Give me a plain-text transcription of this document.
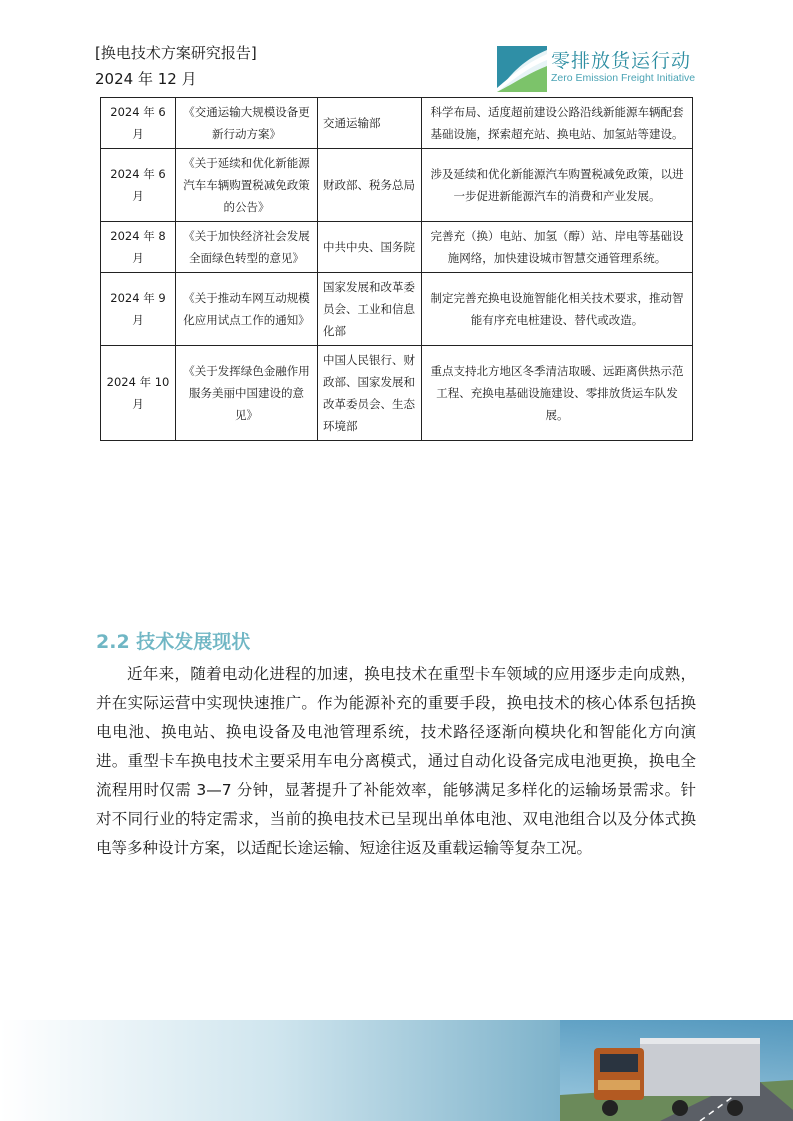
[换电技术方案研究报告]
2024 年 12 月
零排放货运行动
Zero Emission Freight Initiative
2024 年 6 月	《交通运输大规模设备更新行动方案》	交通运输部	科学布局、适度超前建设公路沿线新能源车辆配套基础设施，探索超充站、换电站、加氢站等建设。
2024 年 6 月	《关于延续和优化新能源汽车车辆购置税减免政策的公告》	财政部、税务总局	涉及延续和优化新能源汽车购置税减免政策，以进一步促进新能源汽车的消费和产业发展。
2024 年 8 月	《关于加快经济社会发展全面绿色转型的意见》	中共中央、国务院	完善充（换）电站、加氢（醇）站、岸电等基础设施网络，加快建设城市智慧交通管理系统。
2024 年 9 月	《关于推动车网互动规模化应用试点工作的通知》	国家发展和改革委员会、工业和信息化部	制定完善充换电设施智能化相关技术要求，推动智能有序充电桩建设、替代或改造。
2024 年 10 月	《关于发挥绿色金融作用服务美丽中国建设的意见》	中国人民银行、财政部、国家发展和改革委员会、生态环境部	重点支持北方地区冬季清洁取暖、远距离供热示范工程、充换电基础设施建设、零排放货运车队发展。
2.2 技术发展现状
近年来，随着电动化进程的加速，换电技术在重型卡车领域的应用逐步走向成熟，并在实际运营中实现快速推广。作为能源补充的重要手段，换电技术的核心体系包括换电电池、换电站、换电设备及电池管理系统，技术路径逐渐向模块化和智能化方向演进。重型卡车换电技术主要采用车电分离模式，通过自动化设备完成电池更换，换电全流程用时仅需 3—7 分钟，显著提升了补能效率，能够满足多样化的运输场景需求。针对不同行业的特定需求，当前的换电技术已呈现出单体电池、双电池组合以及分体式换电等多种设计方案，以适配长途运输、短途往返及重载运输等复杂工况。
